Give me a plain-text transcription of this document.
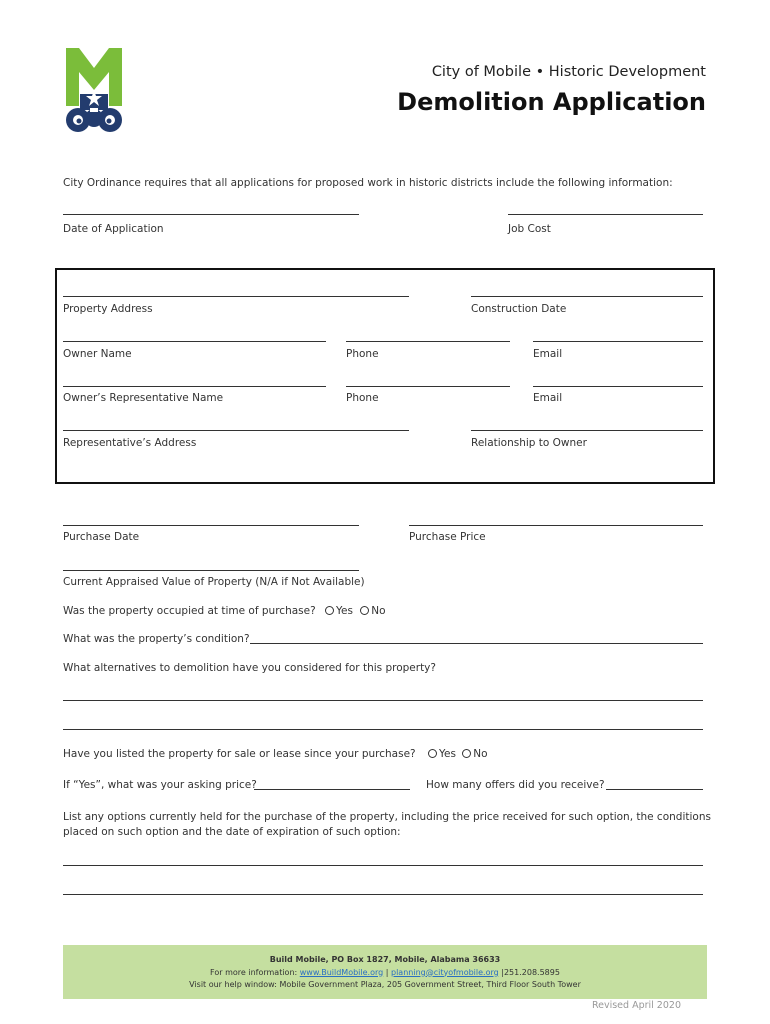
City of Mobile • Historic Development
Demolition Application
City Ordinance requires that all applications for proposed work in historic districts include the following information:
Date of Application	Job Cost
Property Address	Construction Date
Owner Name	Phone	Email
Owner’s Representative Name	Phone	Email
Representative’s Address	Relationship to Owner
Purchase Date	Purchase Price
Current Appraised Value of Property (N/A if Not Available)
Was the property occupied at time of purchase? Yes No
What was the property’s condition?
What alternatives to demolition have you considered for this property?
Have you listed the property for sale or lease since your purchase?	Yes No
If “Yes”, what was your asking price?	How many offers did you receive?
List any options currently held for the purchase of the property, including the price received for such option, the conditions
placed on such option and the date of expiration of such option:
Build Mobile, PO Box 1827, Mobile, Alabama 36633
For more information: www.BuildMobile.org | planning@cityofmobile.org |251.208.5895
Visit our help window: Mobile Government Plaza, 205 Government Street, Third Floor South Tower
Revised April 2020
